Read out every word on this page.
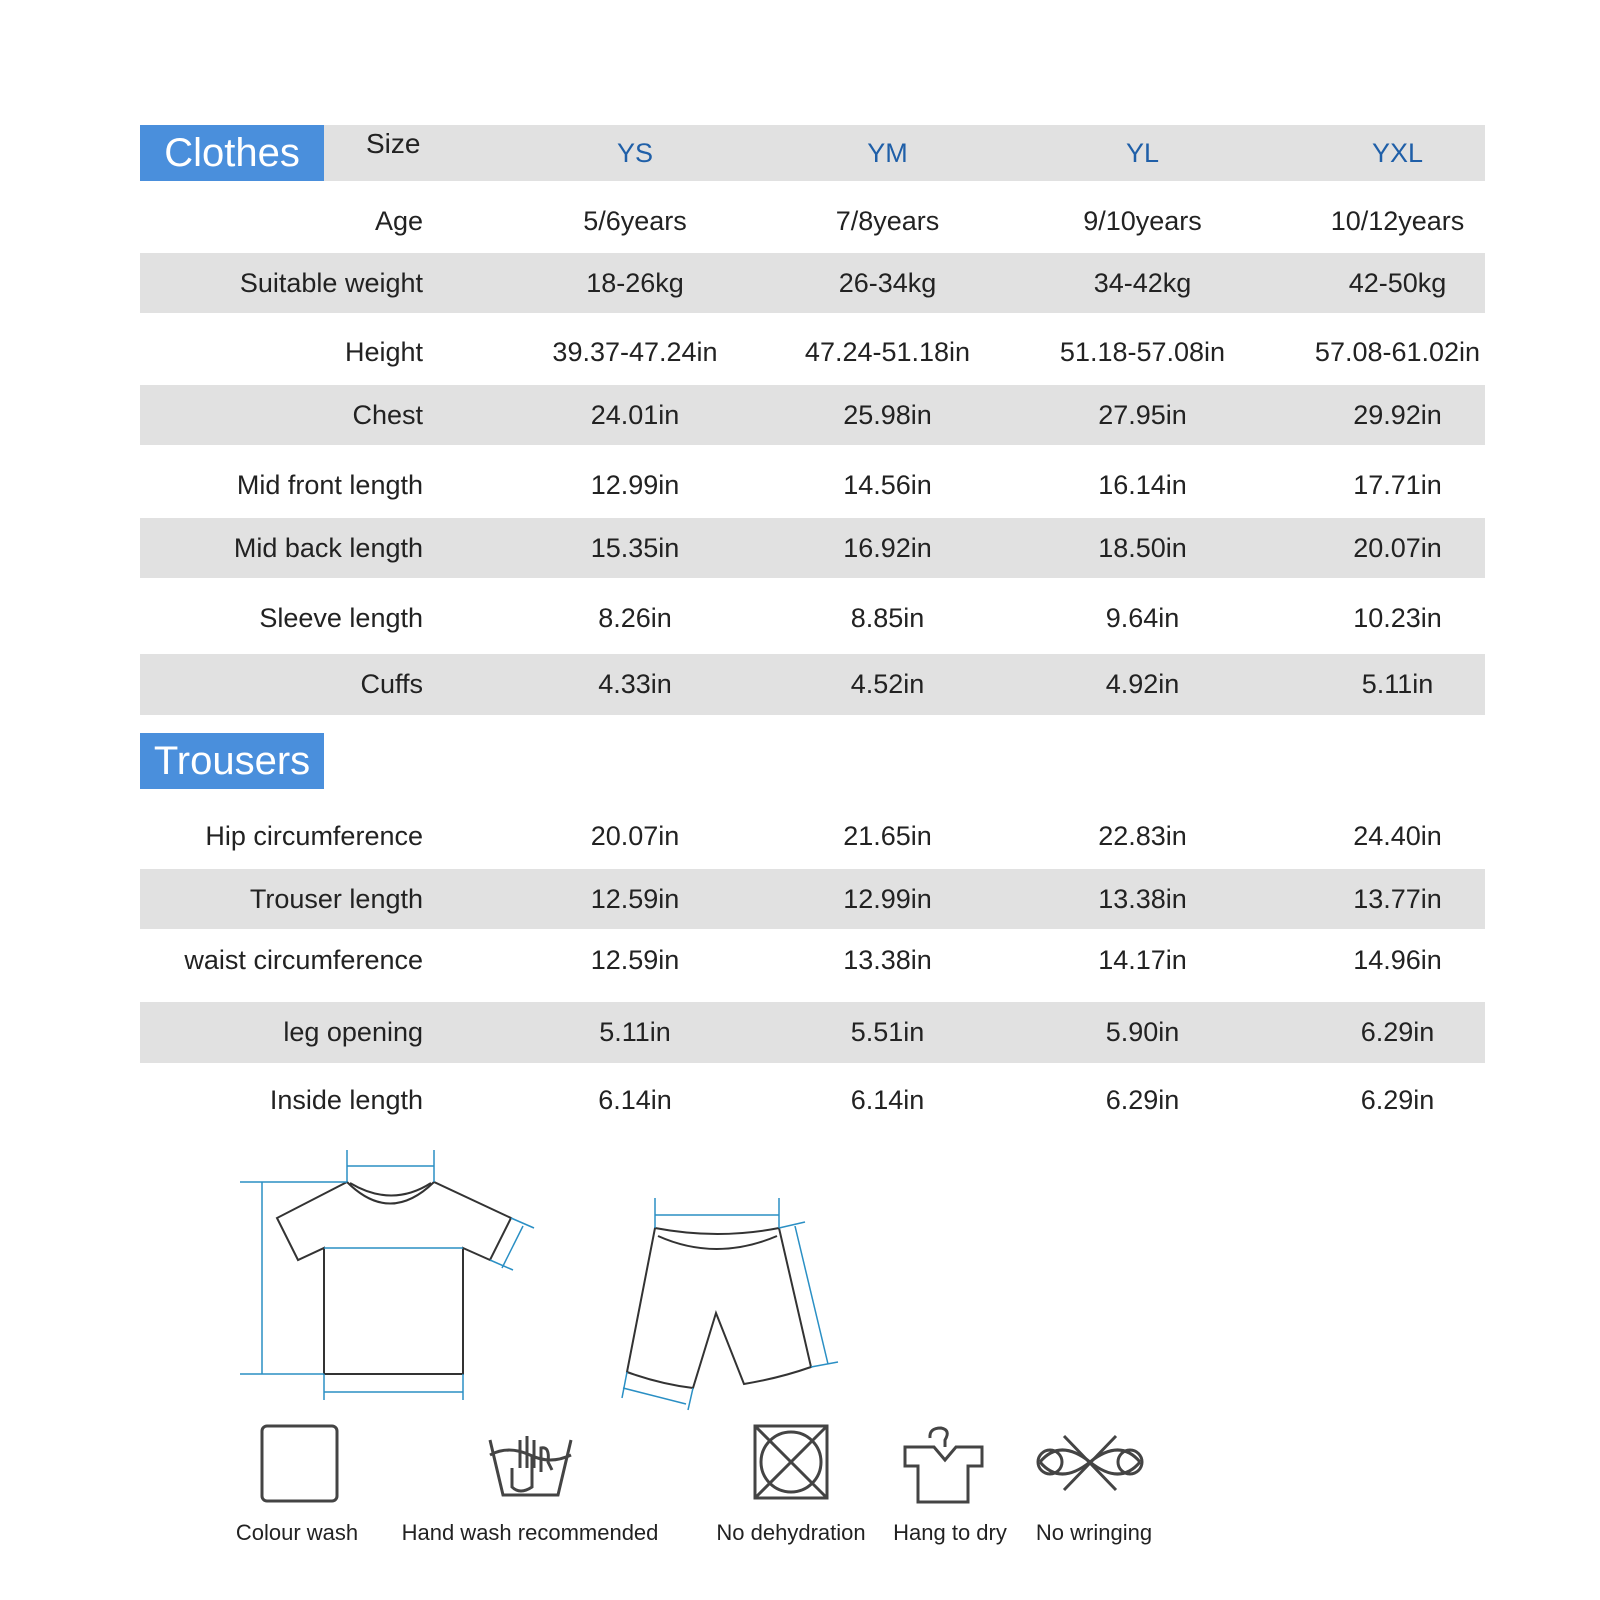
YS	YM	YL	YXL
Clothes	Size
Age	5/6years	7/8years	9/10years	10/12years
Suitable weight	18-26kg	26-34kg	34-42kg	42-50kg
Height	39.37-47.24in	47.24-51.18in	51.18-57.08in	57.08-61.02in
Chest	24.01in	25.98in	27.95in	29.92in
Mid front length	12.99in	14.56in	16.14in	17.71in
Mid back length	15.35in	16.92in	18.50in	20.07in
Sleeve length	8.26in	8.85in	9.64in	10.23in
Cuffs	4.33in	4.52in	4.92in	5.11in
Trousers
Hip circumference	20.07in	21.65in	22.83in	24.40in
Trouser length	12.59in	12.99in	13.38in	13.77in
waist circumference	12.59in	13.38in	14.17in	14.96in
leg opening	5.11in	5.51in	5.90in	6.29in
Inside length	6.14in	6.14in	6.29in	6.29in
Colour wash Hand wash recommended	No dehydration Hang to dry No wringing
